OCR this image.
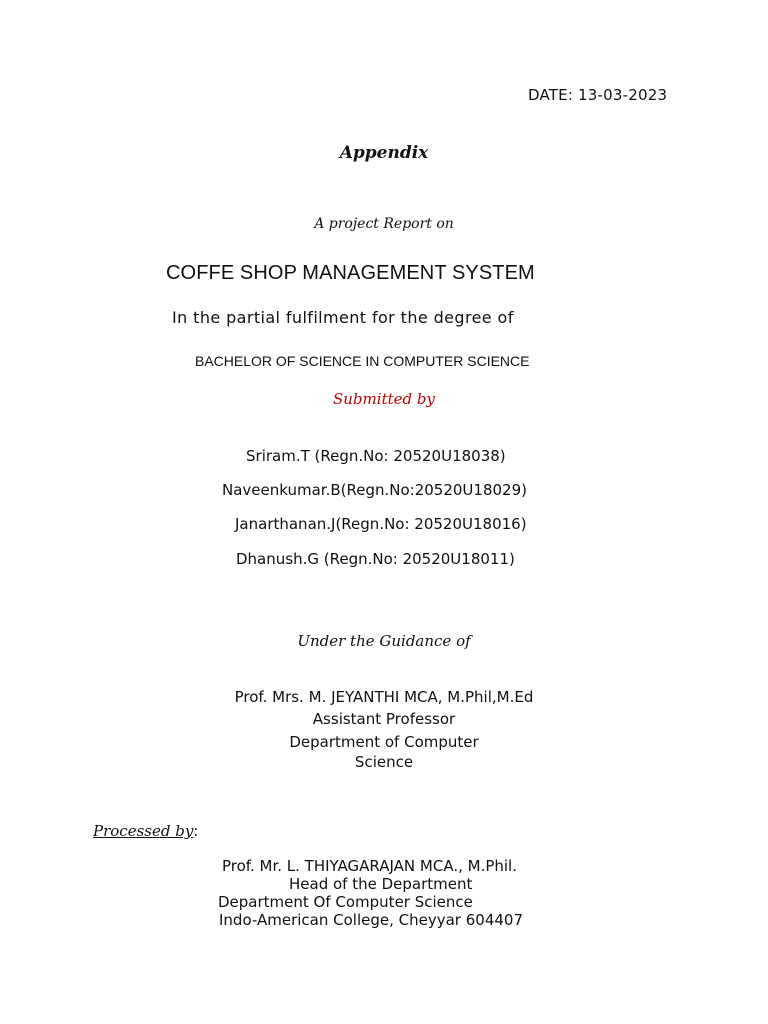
DATE: 13-03-2023
Appendix
A project Report on
COFFE SHOP MANAGEMENT SYSTEM
In the partial fulfilment for the degree of
BACHELOR OF SCIENCE IN COMPUTER SCIENCE
Submitted by
Sriram.T (Regn.No: 20520U18038)
Naveenkumar.B(Regn.No:20520U18029)
Janarthanan.J(Regn.No: 20520U18016)
Dhanush.G (Regn.No: 20520U18011)
Under the Guidance of
Prof. Mrs. M. JEYANTHI MCA, M.Phil,M.Ed
Assistant Professor
Department of Computer
Science
Processed by:
Prof. Mr. L. THIYAGARAJAN MCA., M.Phil.
Head of the Department
Department Of Computer Science
Indo-American College, Cheyyar 604407
